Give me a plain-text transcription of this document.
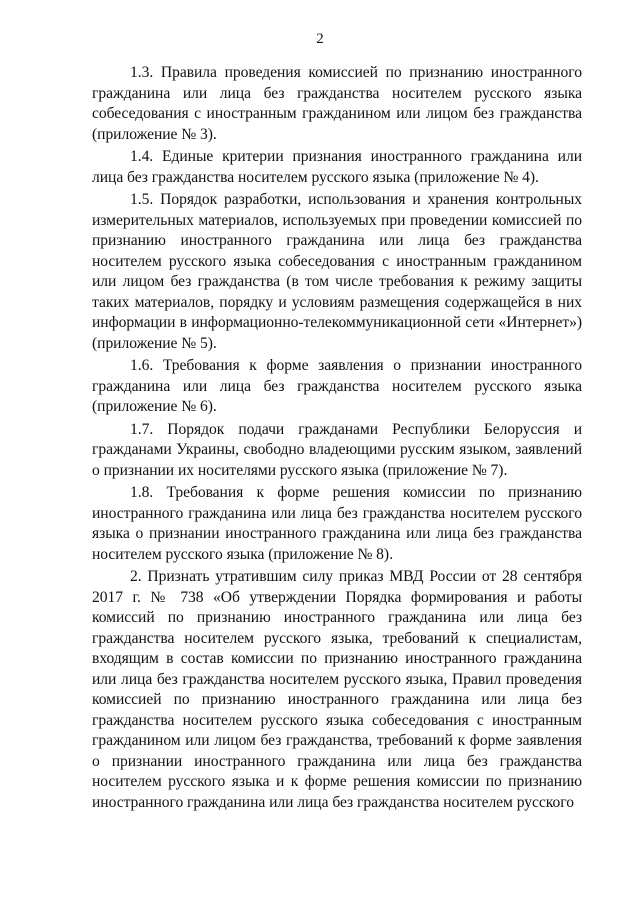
2

1.3. Правила проведения комиссией по признанию иностранного гражданина или лица без гражданства носителем русского языка собеседования с иностранным гражданином или лицом без гражданства (приложение № 3).

1.4. Единые критерии признания иностранного гражданина или лица без гражданства носителем русского языка (приложение № 4).

1.5. Порядок разработки, использования и хранения контрольных измерительных материалов, используемых при проведении комиссией по признанию иностранного гражданина или лица без гражданства носителем русского языка собеседования с иностранным гражданином или лицом без гражданства (в том числе требования к режиму защиты таких материалов, порядку и условиям размещения содержащейся в них информации в информационно-телекоммуникационной сети «Интернет») (приложение № 5).

1.6. Требования к форме заявления о признании иностранного гражданина или лица без гражданства носителем русского языка (приложение № 6).

1.7. Порядок подачи гражданами Республики Белоруссия и гражданами Украины, свободно владеющими русским языком, заявлений о признании их носителями русского языка (приложение № 7).

1.8. Требования к форме решения комиссии по признанию иностранного гражданина или лица без гражданства носителем русского языка о признании иностранного гражданина или лица без гражданства носителем русского языка (приложение № 8).

2. Признать утратившим силу приказ МВД России от 28 сентября 2017 г. № 738 «Об утверждении Порядка формирования и работы комиссий по признанию иностранного гражданина или лица без гражданства носителем русского языка, требований к специалистам, входящим в состав комиссии по признанию иностранного гражданина или лица без гражданства носителем русского языка, Правил проведения комиссией по признанию иностранного гражданина или лица без гражданства носителем русского языка собеседования с иностранным гражданином или лицом без гражданства, требований к форме заявления о признании иностранного гражданина или лица без гражданства носителем русского языка и к форме решения комиссии по признанию иностранного гражданина или лица без гражданства носителем русского
